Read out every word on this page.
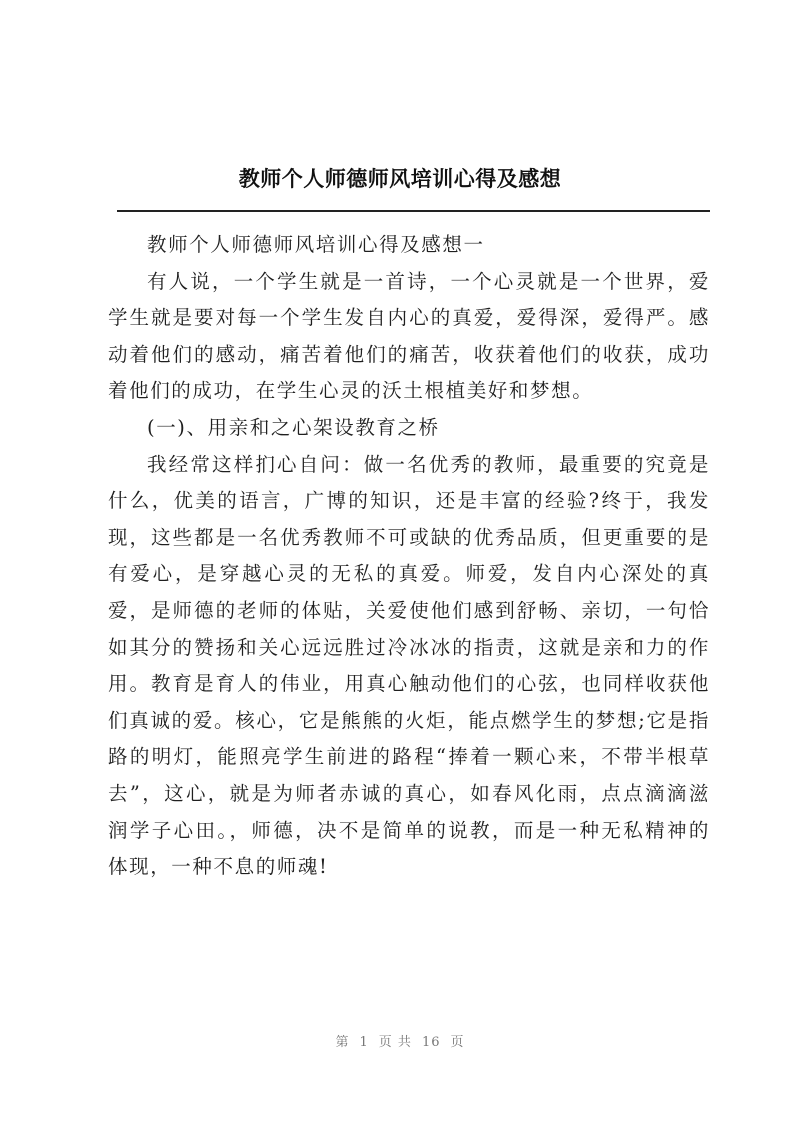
教师个人师德师风培训心得及感想

教师个人师德师风培训心得及感想一

有人说，一个学生就是一首诗，一个心灵就是一个世界，爱学生就是要对每一个学生发自内心的真爱，爱得深，爱得严。感动着他们的感动，痛苦着他们的痛苦，收获着他们的收获，成功着他们的成功，在学生心灵的沃土根植美好和梦想。

(一)、用亲和之心架设教育之桥

我经常这样扪心自问：做一名优秀的教师，最重要的究竟是什么，优美的语言，广博的知识，还是丰富的经验?终于，我发现，这些都是一名优秀教师不可或缺的优秀品质，但更重要的是有爱心，是穿越心灵的无私的真爱。师爱，发自内心深处的真爱，是师德的老师的体贴，关爱使他们感到舒畅、亲切，一句恰如其分的赞扬和关心远远胜过冷冰冰的指责，这就是亲和力的作用。教育是育人的伟业，用真心触动他们的心弦，也同样收获他们真诚的爱。核心，它是熊熊的火炬，能点燃学生的梦想;它是指路的明灯，能照亮学生前进的路程“捧着一颗心来，不带半根草去”，这心，就是为师者赤诚的真心，如春风化雨，点点滴滴滋润学子心田。，师德，决不是简单的说教，而是一种无私精神的体现，一种不息的师魂!

第 1 页 共 16 页
